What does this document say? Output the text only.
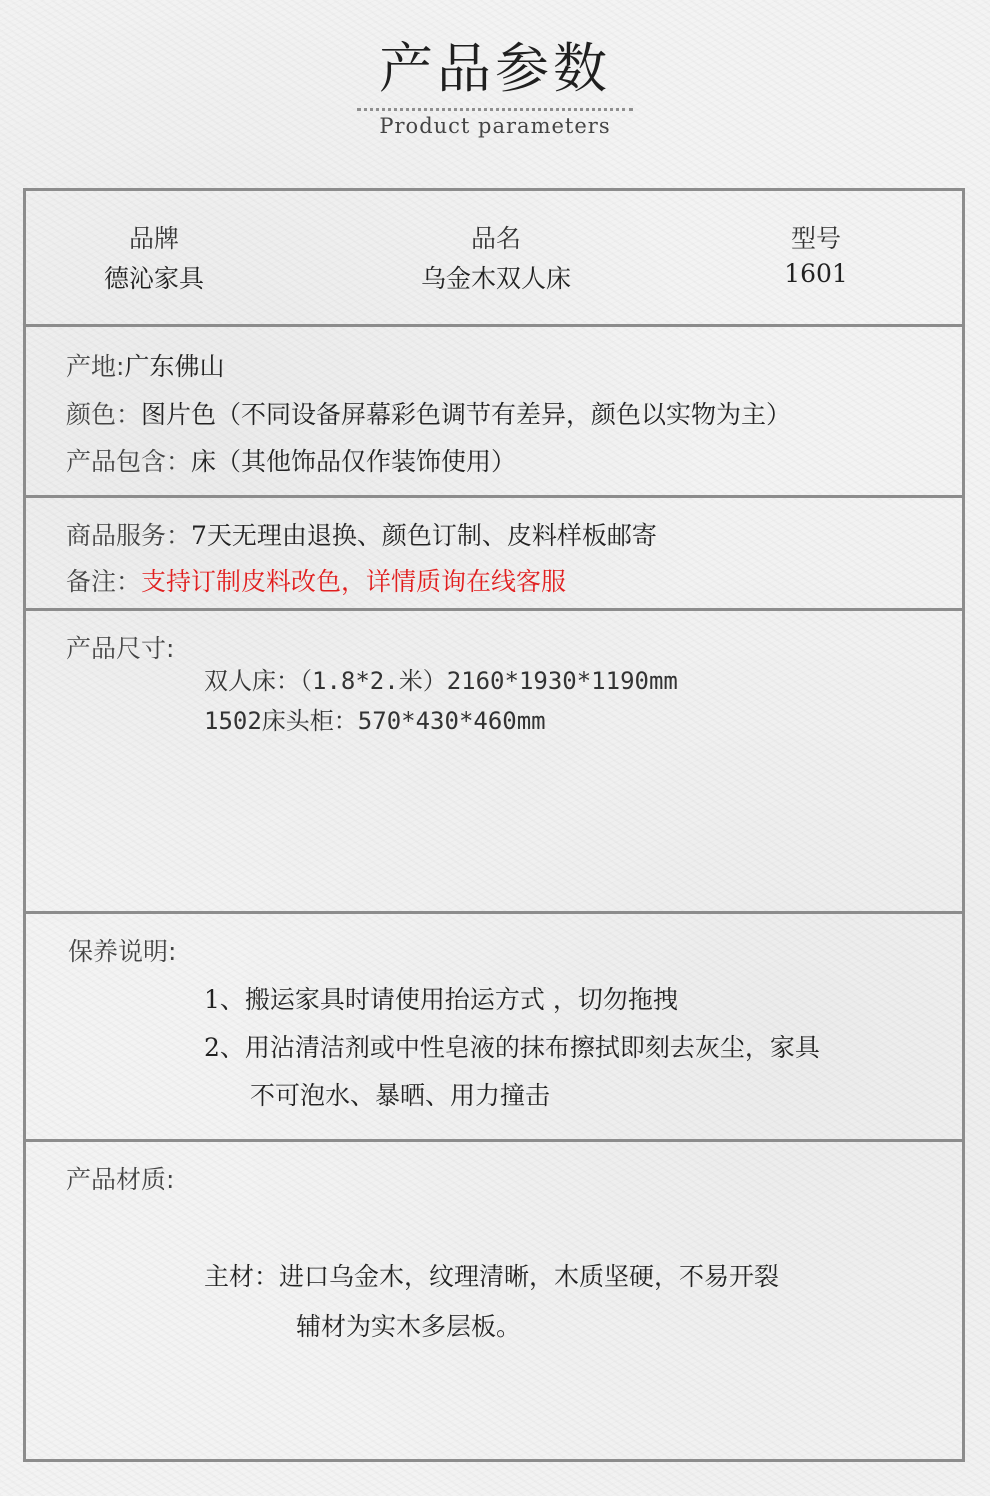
产品参数
Product parameters
品牌
德沁家具
品名
乌金木双人床
型号
1601
产地:广东佛山
颜色：图片色（不同设备屏幕彩色调节有差异，颜色以实物为主）
产品包含：床（其他饰品仅作装饰使用）
商品服务：7天无理由退换、颜色订制、皮料样板邮寄
备注：支持订制皮料改色，详情质询在线客服
产品尺寸:
双人床：（1.8*2.米）2160*1930*1190mm
1502床头柜：570*430*460mm
保养说明:
1、搬运家具时请使用抬运方式 ，切勿拖拽
2、用沾清洁剂或中性皂液的抹布擦拭即刻去灰尘，家具
不可泡水、暴晒、用力撞击
产品材质:
主材：进口乌金木，纹理清晰，木质坚硬，不易开裂
辅材为实木多层板。
